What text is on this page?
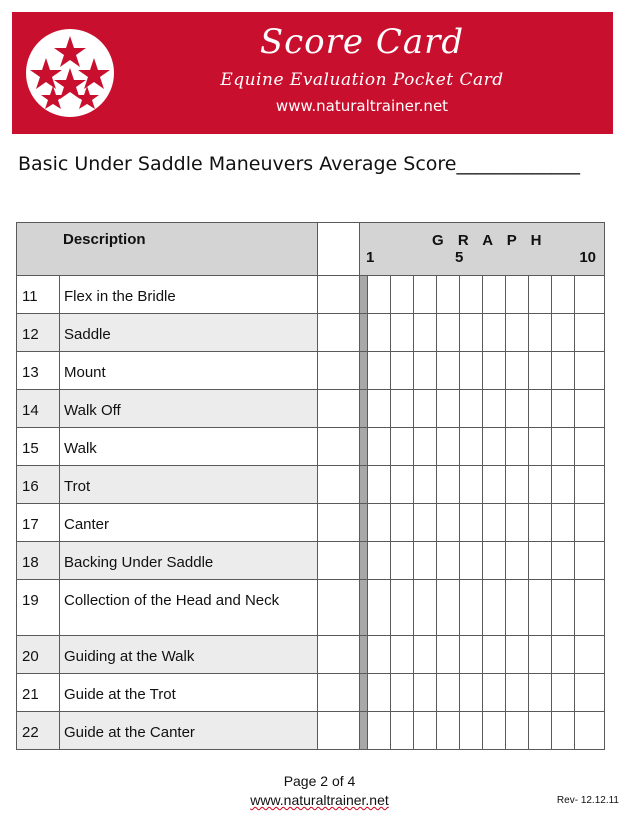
Score Card
Equine Evaluation Pocket Card
www.naturaltrainer.net
Basic Under Saddle Maneuvers Average Score_____________
Description			G R A P H
1 5 10										

11	Flex in the Bridle												
12	Saddle												
13	Mount												
14	Walk Off												
15	Walk												
16	Trot												
17	Canter												
18	Backing Under Saddle												
19	Collection of the Head and Neck												
20	Guiding at the Walk												
21	Guide at the Trot												
22	Guide at the Canter												
Page 2 of 4
www.naturaltrainer.net	Rev- 12.12.11
